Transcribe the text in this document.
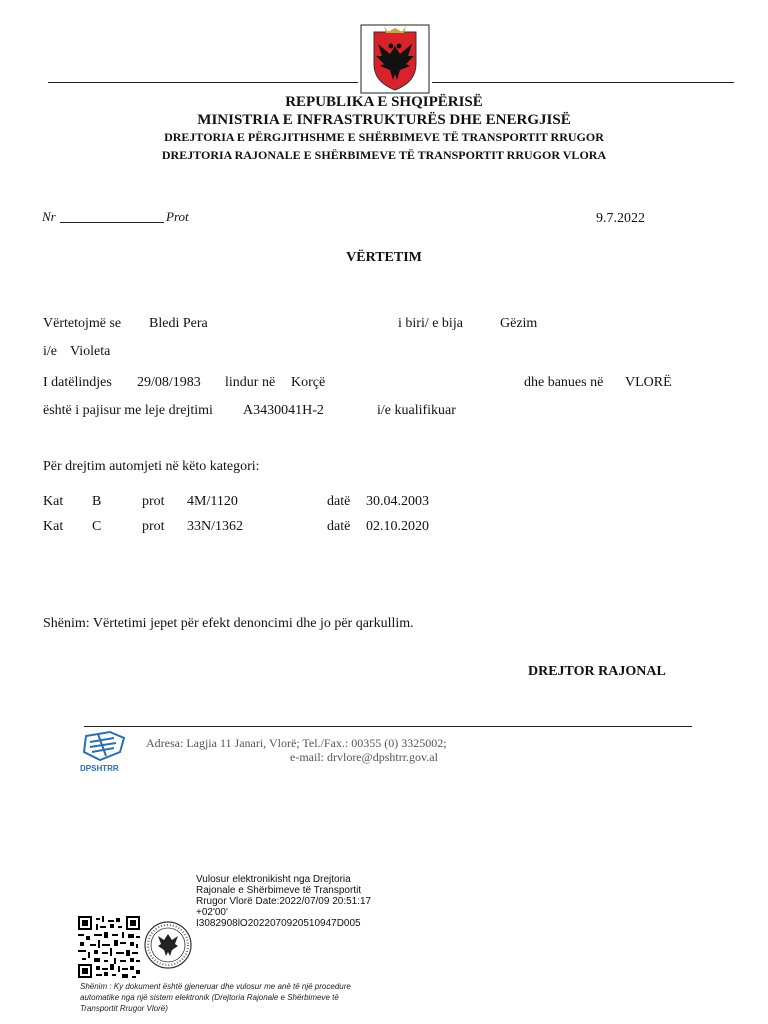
REPUBLIKA E SHQIPËRISË
MINISTRIA E INFRASTRUKTURËS DHE ENERGJISË
DREJTORIA E PËRGJITHSHME E SHËRBIMEVE TË TRANSPORTIT RRUGOR
DREJTORIA RAJONALE E SHËRBIMEVE TË TRANSPORTIT RRUGOR VLORA
Nr	Prot	9.7.2022
VËRTETIM
Vërtetojmë se Bledi Pera	i biri/ e bija	Gëzim
i/e Violeta
I datëlindjes 29/08/1983 lindur në Korçë	dhe banues në VLORË
është i pajisur me leje drejtimi A3430041H-2	i/e kualifikuar
Për drejtim automjeti në këto kategori:
Kat B	prot 4M/1120	datë 30.04.2003
Kat C	prot 33N/1362	datë 02.10.2020
Shënim: Vërtetimi jepet për efekt denoncimi dhe jo për qarkullim.
DREJTOR RAJONAL
DPSHTRR
Adresa: Lagjia 11 Janari, Vlorë; Tel./Fax.: 00355 (0) 3325002;
e-mail: drvlore@dpshtrr.gov.al
Vulosur elektronikisht nga Drejtoria Rajonale e Shërbimeve të Transportit Rrugor Vlorë Date:2022/07/09 20:51:17 +02'00' I3082908lO2022070920510947D005
Shënim : Ky dokument është gjeneruar dhe vulosur me anë të një procedure automatike nga një sistem elektronik (Drejtoria Rajonale e Shërbimeve të Transportit Rrugor Vlorë)
